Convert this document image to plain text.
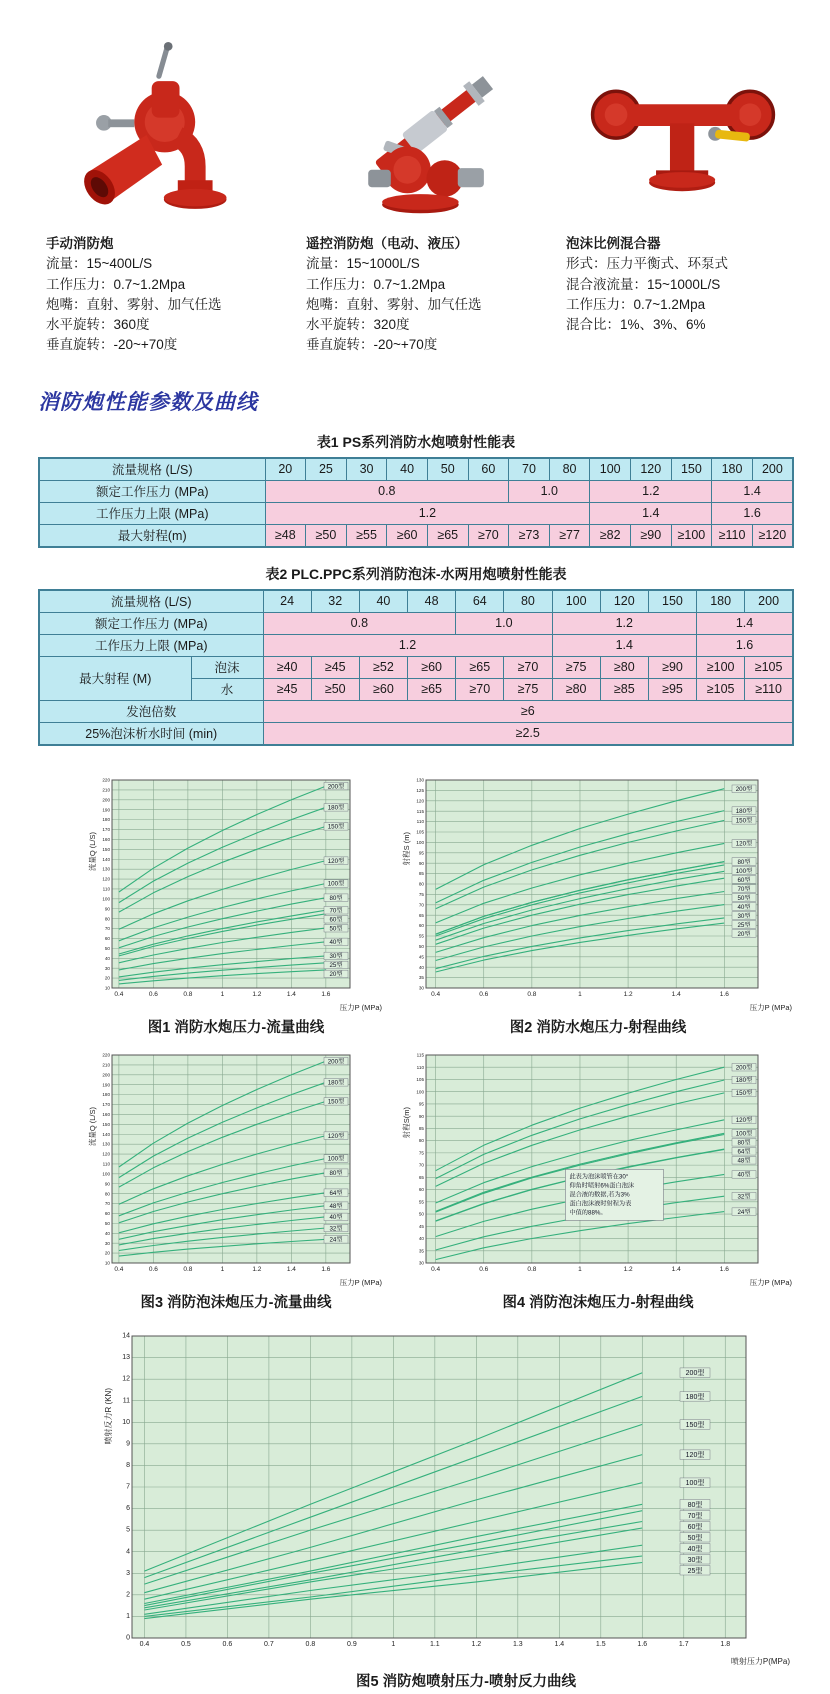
手动消防炮
流量：15~400L/S
工作压力：0.7~1.2Mpa
炮嘴：直射、雾射、加气任选
水平旋转：360度
垂直旋转：-20~+70度
遥控消防炮（电动、液压）
流量：15~1000L/S
工作压力：0.7~1.2Mpa
炮嘴：直射、雾射、加气任选
水平旋转：320度
垂直旋转：-20~+70度
泡沫比例混合器
形式：压力平衡式、环泵式
混合液流量：15~1000L/S
工作压力：0.7~1.2Mpa
混合比：1%、3%、6%
消防炮性能参数及曲线
表1 PS系列消防水炮喷射性能表
流量规格 (L/S)	20	25	30	40	50	60	70	80	100	120	150	180	200
额定工作压力 (MPa)	0.8						1.0		1.2			1.4	
工作压力上限 (MPa)	1.2								1.4			1.6	
最大射程(m)	≥48	≥50	≥55	≥60	≥65	≥70	≥73	≥77	≥82	≥90	≥100	≥110	≥120
表2 PLC.PPC系列消防泡沫-水两用炮喷射性能表
流量规格 (L/S)		24	32	40	48	64	80	100	120	150	180	200
额定工作压力 (MPa)		0.8				1.0		1.2			1.4	
工作压力上限 (MPa)		1.2						1.4			1.6	
最大射程 (M)	泡沫	≥40	≥45	≥52	≥60	≥65	≥70	≥75	≥80	≥90	≥100	≥105
	水	≥45	≥50	≥60	≥65	≥70	≥75	≥80	≥85	≥95	≥105	≥110
发泡倍数		≥6										
25%泡沫析水时间 (min)		≥2.5										
0.4	0.6	0.8	1	1.2	1.4	1.6
10
20
30
40
50
60
70
80
90
100
110
120
130
140
150
160
170
180
190
200
210
220
流量Q (L/S)
压力P (MPa)
200型
180型
150型
120型
100型
80型
70型
60型
50型
40型
30型
25型
20型
图1 消防水炮压力-流量曲线
0.4	0.6	0.8	1	1.2	1.4	1.6
30
35
40
45
50
55
60
65
70
75
80
85
90
95
100
105
110
115
120
125
130
射程S (m)
压力P (MPa)
200型
180型
150型
120型
100型
80型
70型
60型
50型
40型
30型
25型
20型
图2 消防水炮压力-射程曲线
0.4	0.6	0.8	1	1.2	1.4	1.6
10
20
30
40
50
60
70
80
90
100
110
120
130
140
150
160
170
180
190
200
210
220
流量Q (L/S)
压力P (MPa)
200型
180型
150型
120型
100型
80型
64型
48型
40型
32型
24型
图3 消防泡沫炮压力-流量曲线
0.4	0.6	0.8	1	1.2	1.4	1.6
30
35
40
45
50
55
60
65
70
75
80
85
90
95
100
105
110
115
射程S(m)
压力P (MPa)
200型
180型
150型
120型
100型
80型
64型
48型
40型
32型
24型
此表为泡沫喷管在30°
仰角时喷射6%蛋白泡沫
混合液的数据,若为3%
蛋白泡沫液时射程为表
中值的88%。
图4 消防泡沫炮压力-射程曲线
0.4	0.5	0.6	0.7	0.8	0.9	1	1.1	1.2	1.3	1.4	1.5	1.6	1.7	1.8
0
1
2
3
4
5
6
7
8
9
10
11
12
13
14
喷射反力R (KN)
喷射压力P(MPa)
200型
180型
150型
120型
100型
80型
70型
60型
50型
40型
30型
25型
图5 消防炮喷射压力-喷射反力曲线
